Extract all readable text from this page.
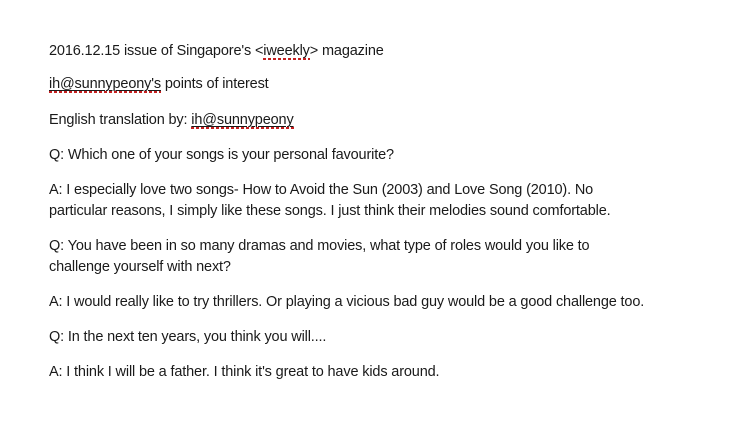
2016.12.15 issue of Singapore's <iweekly> magazine
ih@sunnypeony's points of interest
English translation by: ih@sunnypeony
Q: Which one of your songs is your personal favourite?
A: I especially love two songs- How to Avoid the Sun (2003) and Love Song (2010). No
particular reasons, I simply like these songs. I just think their melodies sound comfortable.
Q: You have been in so many dramas and movies, what type of roles would you like to
challenge yourself with next?
A: I would really like to try thrillers. Or playing a vicious bad guy would be a good challenge too.
Q: In the next ten years, you think you will....
A: I think I will be a father. I think it's great to have kids around.
